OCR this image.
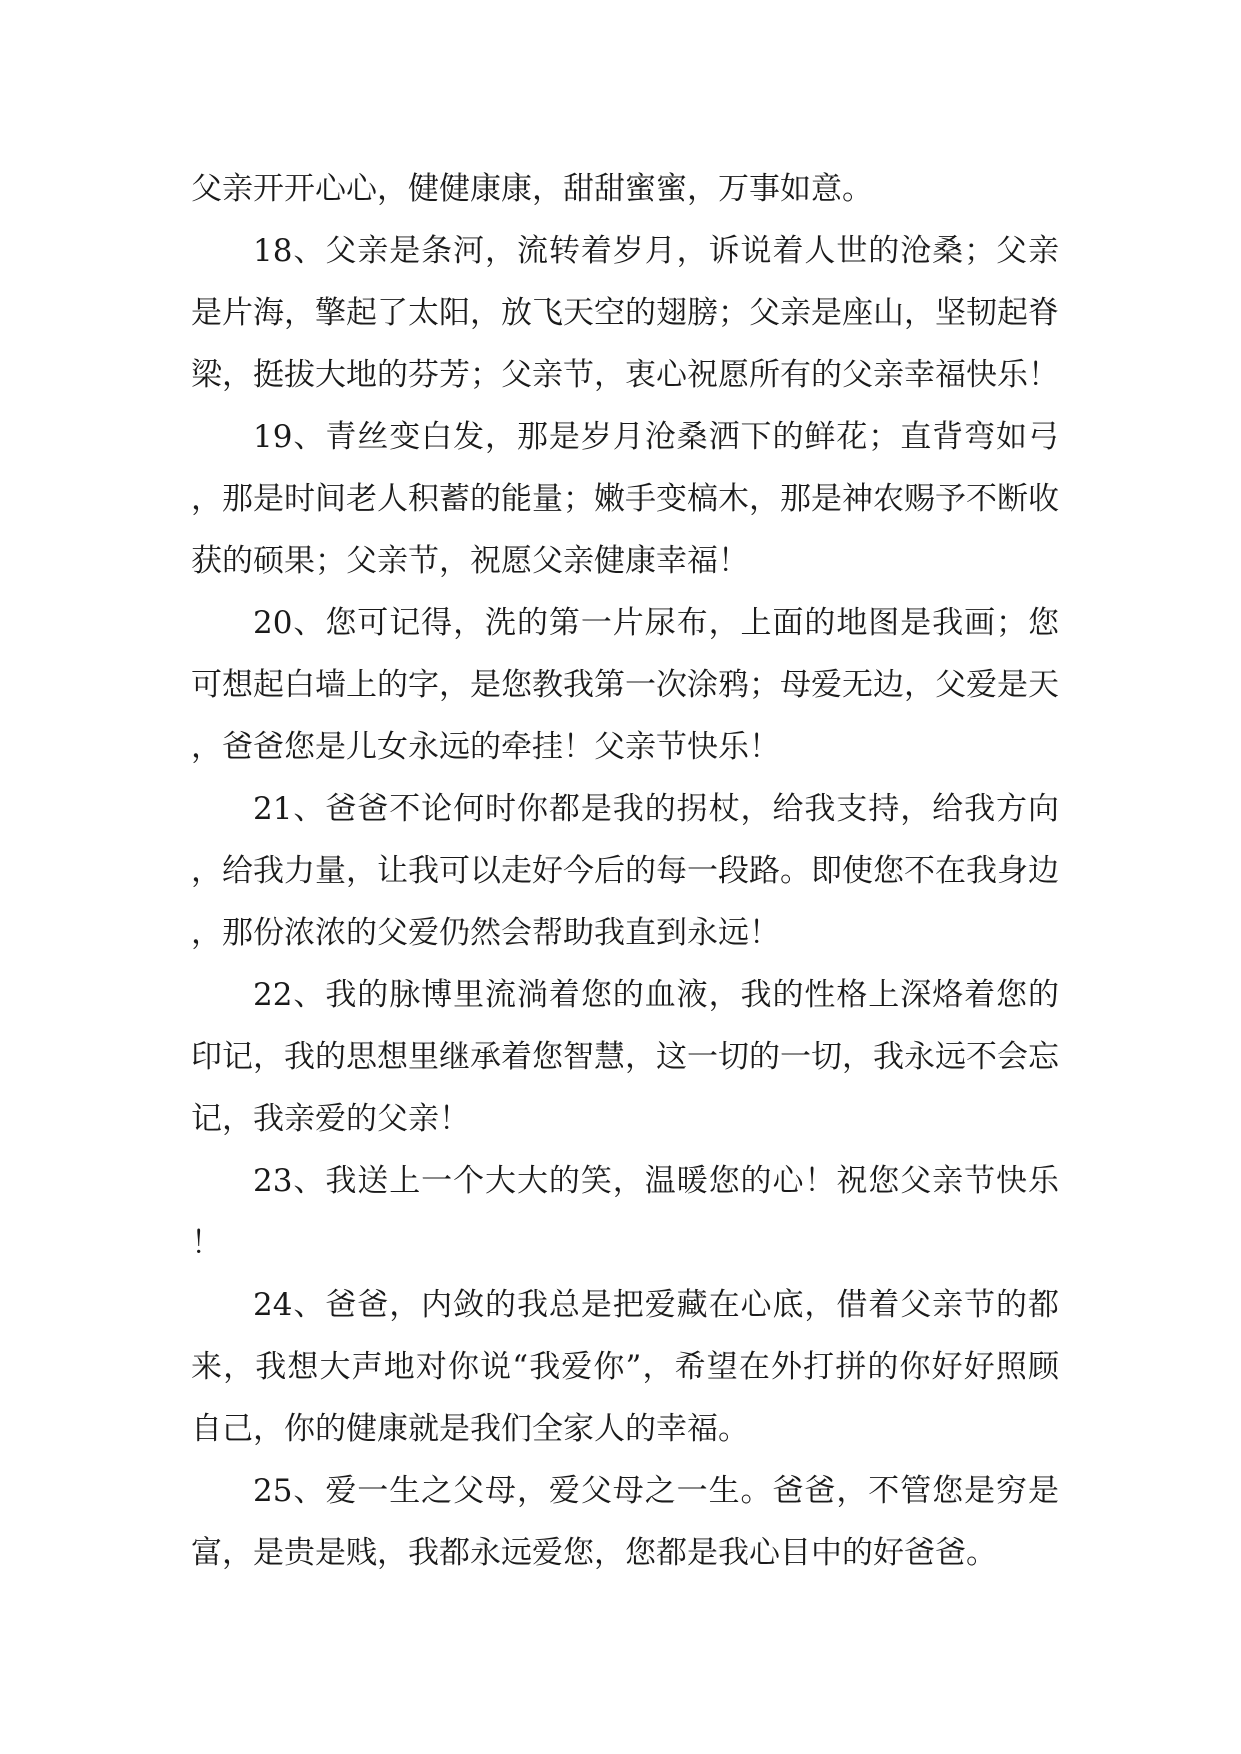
父亲开开心心，健健康康，甜甜蜜蜜，万事如意。

18、父亲是条河，流转着岁月，诉说着人世的沧桑；父亲是片海，擎起了太阳，放飞天空的翅膀；父亲是座山，坚韧起脊梁，挺拔大地的芬芳；父亲节，衷心祝愿所有的父亲幸福快乐！

19、青丝变白发，那是岁月沧桑洒下的鲜花；直背弯如弓，那是时间老人积蓄的能量；嫩手变槁木，那是神农赐予不断收获的硕果；父亲节，祝愿父亲健康幸福！

20、您可记得，洗的第一片尿布，上面的地图是我画；您可想起白墙上的字，是您教我第一次涂鸦；母爱无边，父爱是天，爸爸您是儿女永远的牵挂！父亲节快乐！

21、爸爸不论何时你都是我的拐杖，给我支持，给我方向，给我力量，让我可以走好今后的每一段路。即使您不在我身边，那份浓浓的父爱仍然会帮助我直到永远！

22、我的脉博里流淌着您的血液，我的性格上深烙着您的印记，我的思想里继承着您智慧，这一切的一切，我永远不会忘记，我亲爱的父亲！

23、我送上一个大大的笑，温暖您的心！祝您父亲节快乐！

24、爸爸，内敛的我总是把爱藏在心底，借着父亲节的都来，我想大声地对你说“我爱你”，希望在外打拼的你好好照顾自己，你的健康就是我们全家人的幸福。

25、爱一生之父母，爱父母之一生。爸爸，不管您是穷是富，是贵是贱，我都永远爱您，您都是我心目中的好爸爸。
